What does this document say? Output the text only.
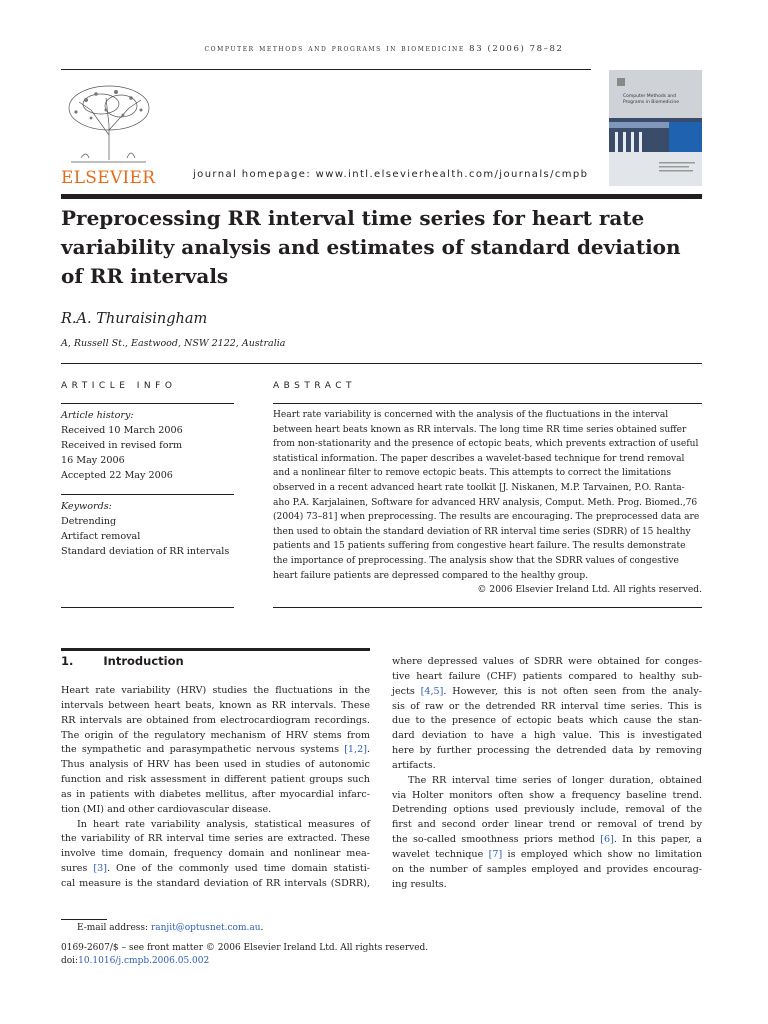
computer methods and programs in biomedicine 83 (2006) 78–82
ELSEVIER	journal homepage: www.intl.elsevierhealth.com/journals/cmpb
Computer Methods and Programs in Biomedicine
Preprocessing RR interval time series for heart rate
variability analysis and estimates of standard deviation
of RR intervals
R.A. Thuraisingham
A, Russell St., Eastwood, NSW 2122, Australia
ARTICLE INFO
Article history:
Received 10 March 2006
Received in revised form
16 May 2006
Accepted 22 May 2006
Keywords:
Detrending
Artifact removal
Standard deviation of RR intervals
ABSTRACT
Heart rate variability is concerned with the analysis of the fluctuations in the interval
between heart beats known as RR intervals. The long time RR time series obtained suffer
from non-stationarity and the presence of ectopic beats, which prevents extraction of useful
statistical information. The paper describes a wavelet-based technique for trend removal
and a nonlinear filter to remove ectopic beats. This attempts to correct the limitations
observed in a recent advanced heart rate toolkit [J. Niskanen, M.P. Tarvainen, P.O. Ranta-
aho P.A. Karjalainen, Software for advanced HRV analysis, Comput. Meth. Prog. Biomed.,76
(2004) 73–81] when preprocessing. The results are encouraging. The preprocessed data are
then used to obtain the standard deviation of RR interval time series (SDRR) of 15 healthy
patients and 15 patients suffering from congestive heart failure. The results demonstrate
the importance of preprocessing. The analysis show that the SDRR values of congestive
heart failure patients are depressed compared to the healthy group.
© 2006 Elsevier Ireland Ltd. All rights reserved.
1.	Introduction
Heart rate variability (HRV) studies the fluctuations in the
intervals between heart beats, known as RR intervals. These
RR intervals are obtained from electrocardiogram recordings.
The origin of the regulatory mechanism of HRV stems from
the sympathetic and parasympathetic nervous systems [1,2].
Thus analysis of HRV has been used in studies of autonomic
function and risk assessment in different patient groups such
as in patients with diabetes mellitus, after myocardial infarc-
tion (MI) and other cardiovascular disease.
In heart rate variability analysis, statistical measures of
the variability of RR interval time series are extracted. These
involve time domain, frequency domain and nonlinear mea-
sures [3]. One of the commonly used time domain statisti-
cal measure is the standard deviation of RR intervals (SDRR),
where depressed values of SDRR were obtained for conges-
tive heart failure (CHF) patients compared to healthy sub-
jects [4,5]. However, this is not often seen from the analy-
sis of raw or the detrended RR interval time series. This is
due to the presence of ectopic beats which cause the stan-
dard deviation to have a high value. This is investigated
here by further processing the detrended data by removing
artifacts.
The RR interval time series of longer duration, obtained
via Holter monitors often show a frequency baseline trend.
Detrending options used previously include, removal of the
first and second order linear trend or removal of trend by
the so-called smoothness priors method [6]. In this paper, a
wavelet technique [7] is employed which show no limitation
on the number of samples employed and provides encourag-
ing results.
E-mail address: ranjit@optusnet.com.au.
0169-2607/$ – see front matter © 2006 Elsevier Ireland Ltd. All rights reserved.
doi:10.1016/j.cmpb.2006.05.002
